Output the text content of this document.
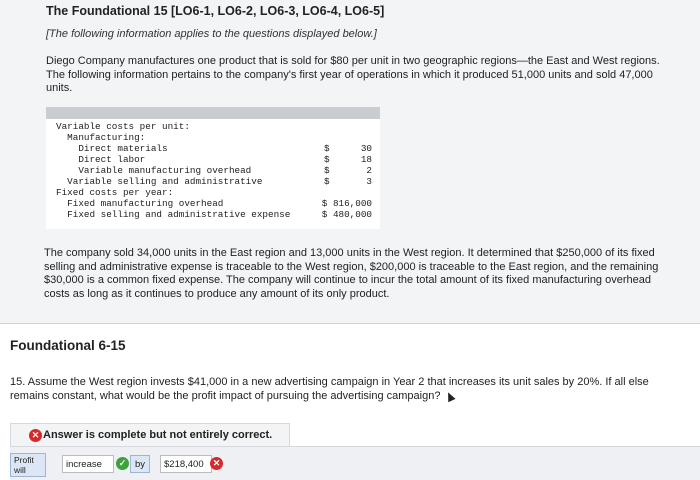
The Foundational 15 [LO6-1, LO6-2, LO6-3, LO6-4, LO6-5]
[The following information applies to the questions displayed below.]
Diego Company manufactures one product that is sold for $80 per unit in two geographic regions—the East and West regions. The following information pertains to the company's first year of operations in which it produced 51,000 units and sold 47,000 units.
Variable costs per unit:
Manufacturing:
Direct materials	$	30
Direct labor	$	18
Variable manufacturing overhead	$	2
Variable selling and administrative	$	3
Fixed costs per year:
Fixed manufacturing overhead	$ 816,000
Fixed selling and administrative expense	$ 480,000
The company sold 34,000 units in the East region and 13,000 units in the West region. It determined that $250,000 of its fixed selling and administrative expense is traceable to the West region, $200,000 is traceable to the East region, and the remaining $30,000 is a common fixed expense. The company will continue to incur the total amount of its fixed manufacturing overhead costs as long as it continues to produce any amount of its only product.
Foundational 6-15
15. Assume the West region invests $41,000 in a new advertising campaign in Year 2 that increases its unit sales by 20%. If all else remains constant, what would be the profit impact of pursuing the advertising campaign?
✕ Answer is complete but not entirely correct.
Profit will	increase	✓ by	$218,400	✕
